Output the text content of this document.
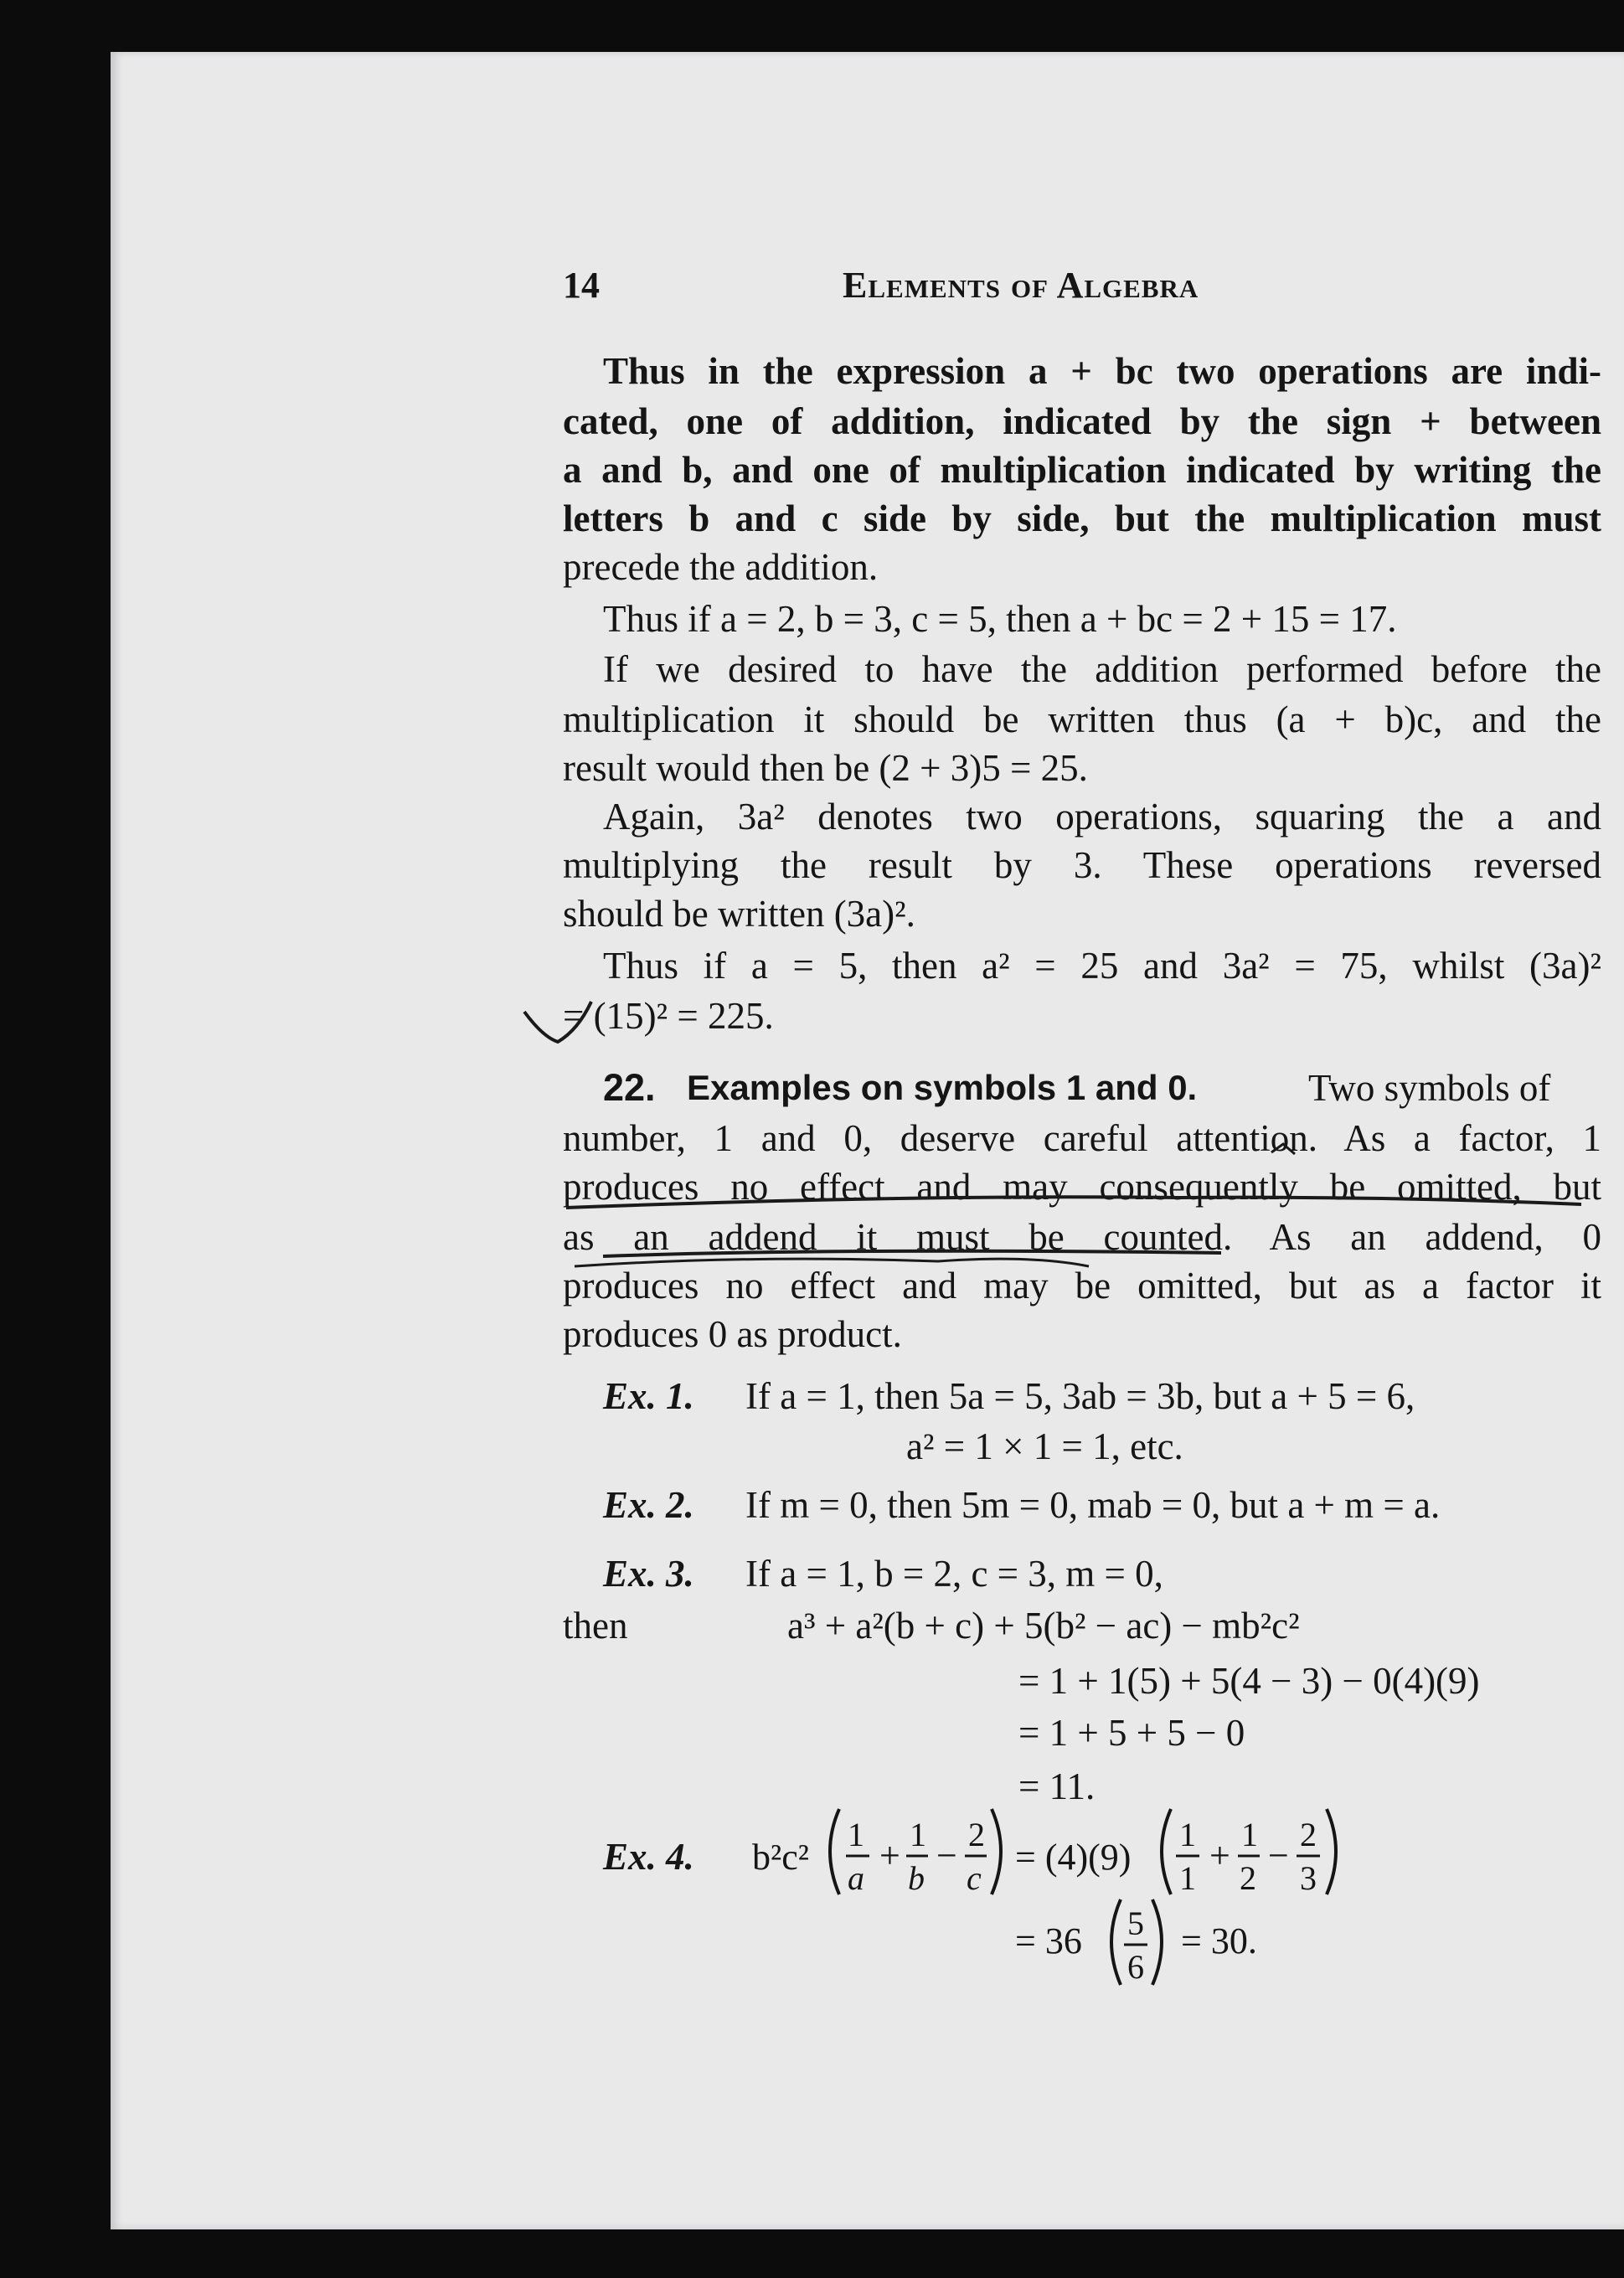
14	Elements of Algebra
Thus in the expression a + bc two operations are indi-
cated, one of addition, indicated by the sign + between
a and b, and one of multiplication indicated by writing the
letters b and c side by side, but the multiplication must
precede the addition.
Thus if a = 2, b = 3, c = 5, then a + bc = 2 + 15 = 17.
If we desired to have the addition performed before the
multiplication it should be written thus (a + b)c, and the
result would then be (2 + 3)5 = 25.
Again, 3a² denotes two operations, squaring the a and
multiplying the result by 3. These operations reversed
should be written (3a)².
Thus if a = 5, then a² = 25 and 3a² = 75, whilst (3a)²
= (15)² = 225.
22. Examples on symbols 1 and 0.	Two symbols of
number, 1 and 0, deserve careful attention. As a factor, 1
produces no effect and may consequently be omitted, but
as an addend it must be counted. As an addend, 0
produces no effect and may be omitted, but as a factor it
produces 0 as product.
Ex. 1. If a = 1, then 5a = 5, 3ab = 3b, but a + 5 = 6,
a² = 1 × 1 = 1, etc.
Ex. 2. If m = 0, then 5m = 0, mab = 0, but a + m = a.
Ex. 3. If a = 1, b = 2, c = 3, m = 0,
then	a³ + a²(b + c) + 5(b² − ac) − mb²c²
= 1 + 1(5) + 5(4 − 3) − 0(4)(9)
= 1 + 5 + 5 − 0
= 11.
Ex. 4. b²c²
1
a
+
1
b
−
2
c
= (4)(9)
1
1
+
1
2
−
2
3
= 36 5
6
= 30.
